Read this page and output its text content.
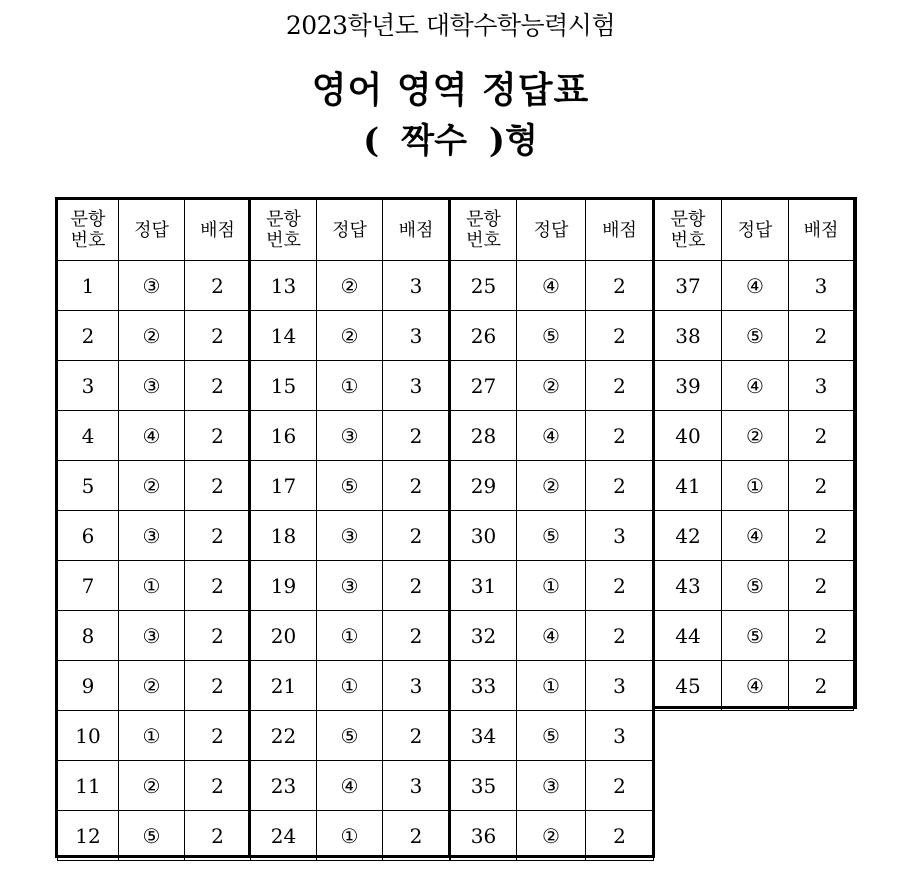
2023학년도 대학수학능력시험
영어 영역 정답표
( 짝수 )형
문항
번호	정답	배점
1	③	2
2	②	2
3	③	2
4	④	2
5	②	2
6	③	2
7	①	2
8	③	2
9	②	2
10	①	2
11	②	2
12	⑤	2
문항
번호	정답	배점
13	②	3
14	②	3
15	①	3
16	③	2
17	⑤	2
18	③	2
19	③	2
20	①	2
21	①	3
22	⑤	2
23	④	3
24	①	2
문항
번호	정답	배점
25	④	2
26	⑤	2
27	②	2
28	④	2
29	②	2
30	⑤	3
31	①	2
32	④	2
33	①	3
34	⑤	3
35	③	2
36	②	2
문항
번호	정답	배점
37	④	3
38	⑤	2
39	④	3
40	②	2
41	①	2
42	④	2
43	⑤	2
44	⑤	2
45	④	2
